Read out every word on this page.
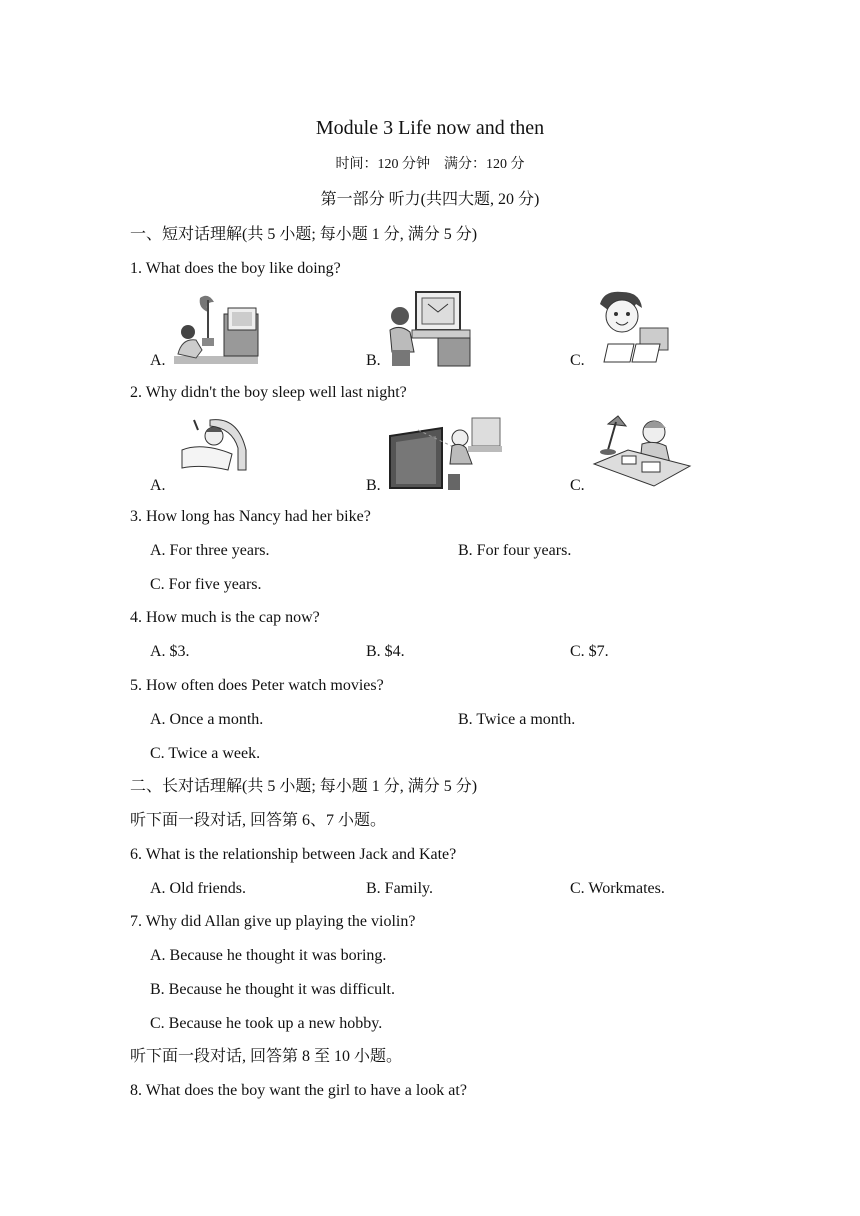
Module 3 Life now and then
时间：120 分钟　满分：120 分
第一部分 听力(共四大题, 20 分)
一、短对话理解(共 5 小题; 每小题 1 分, 满分 5 分)
1. What does the boy like doing?
A.	B.	C.
2. Why didn't the boy sleep well last night?
A.	B.	C.
3. How long has Nancy had her bike?
A. For three years.	B. For four years.
C. For five years.
4. How much is the cap now?
A. $3.	B. $4.	C. $7.
5. How often does Peter watch movies?
A. Once a month.	B. Twice a month.
C. Twice a week.
二、长对话理解(共 5 小题; 每小题 1 分, 满分 5 分)
听下面一段对话, 回答第 6、7 小题。
6. What is the relationship between Jack and Kate?
A. Old friends.	B. Family.	C. Workmates.
7. Why did Allan give up playing the violin?
A. Because he thought it was boring.
B. Because he thought it was difficult.
C. Because he took up a new hobby.
听下面一段对话, 回答第 8 至 10 小题。
8. What does the boy want the girl to have a look at?
